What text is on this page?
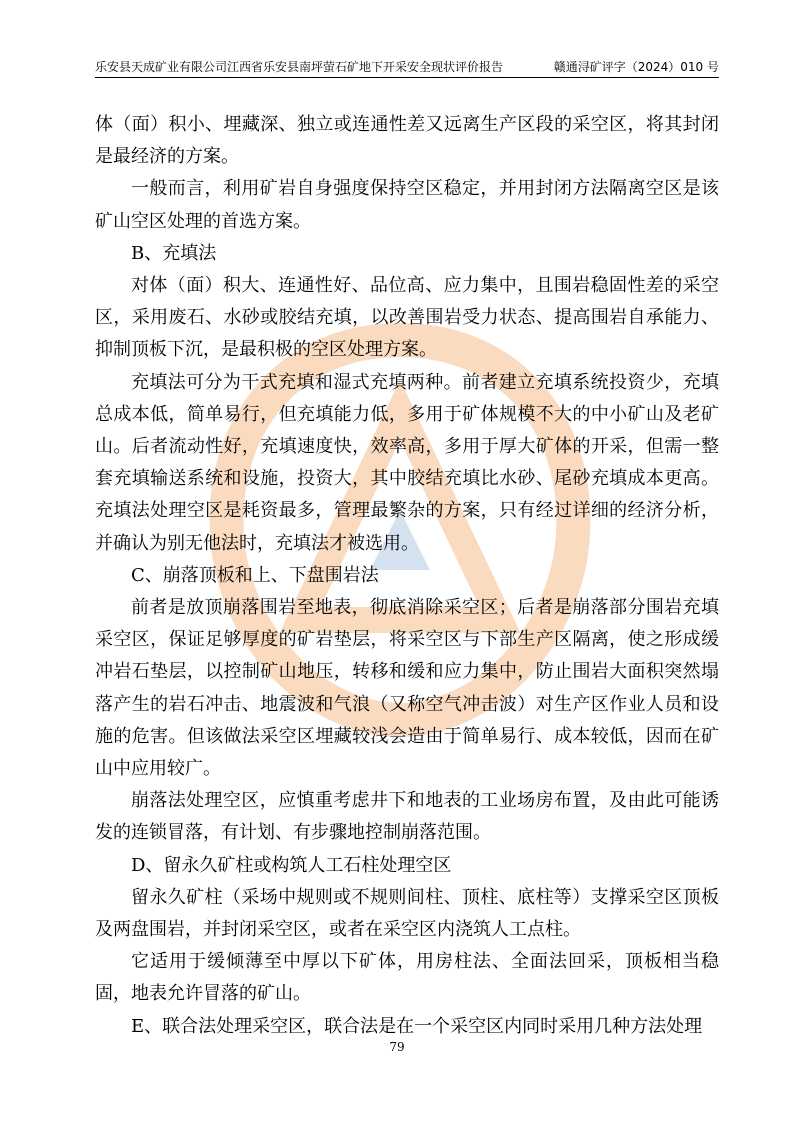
乐安县天成矿业有限公司江西省乐安县南坪萤石矿地下开采安全现状评价报告	赣通浔矿评字（2024）010 号

体（面）积小、埋藏深、独立或连通性差又远离生产区段的采空区，将其封闭是最经济的方案。

一般而言，利用矿岩自身强度保持空区稳定，并用封闭方法隔离空区是该矿山空区处理的首选方案。

B、充填法

对体（面）积大、连通性好、品位高、应力集中，且围岩稳固性差的采空区，采用废石、水砂或胶结充填，以改善围岩受力状态、提高围岩自承能力、抑制顶板下沉，是最积极的空区处理方案。

充填法可分为干式充填和湿式充填两种。前者建立充填系统投资少，充填总成本低，简单易行，但充填能力低，多用于矿体规模不大的中小矿山及老矿山。后者流动性好，充填速度快，效率高，多用于厚大矿体的开采，但需一整套充填输送系统和设施，投资大，其中胶结充填比水砂、尾砂充填成本更高。充填法处理空区是耗资最多，管理最繁杂的方案，只有经过详细的经济分析，并确认为别无他法时，充填法才被选用。

C、崩落顶板和上、下盘围岩法

前者是放顶崩落围岩至地表，彻底消除采空区；后者是崩落部分围岩充填采空区，保证足够厚度的矿岩垫层，将采空区与下部生产区隔离，使之形成缓冲岩石垫层，以控制矿山地压，转移和缓和应力集中，防止围岩大面积突然塌落产生的岩石冲击、地震波和气浪（又称空气冲击波）对生产区作业人员和设施的危害。但该做法采空区埋藏较浅会造由于简单易行、成本较低，因而在矿山中应用较广。

崩落法处理空区，应慎重考虑井下和地表的工业场房布置，及由此可能诱发的连锁冒落，有计划、有步骤地控制崩落范围。

D、留永久矿柱或构筑人工石柱处理空区

留永久矿柱（采场中规则或不规则间柱、顶柱、底柱等）支撑采空区顶板及两盘围岩，并封闭采空区，或者在采空区内浇筑人工点柱。

它适用于缓倾薄至中厚以下矿体，用房柱法、全面法回采，顶板相当稳固，地表允许冒落的矿山。

E、联合法处理采空区，联合法是在一个采空区内同时采用几种方法处理

79
